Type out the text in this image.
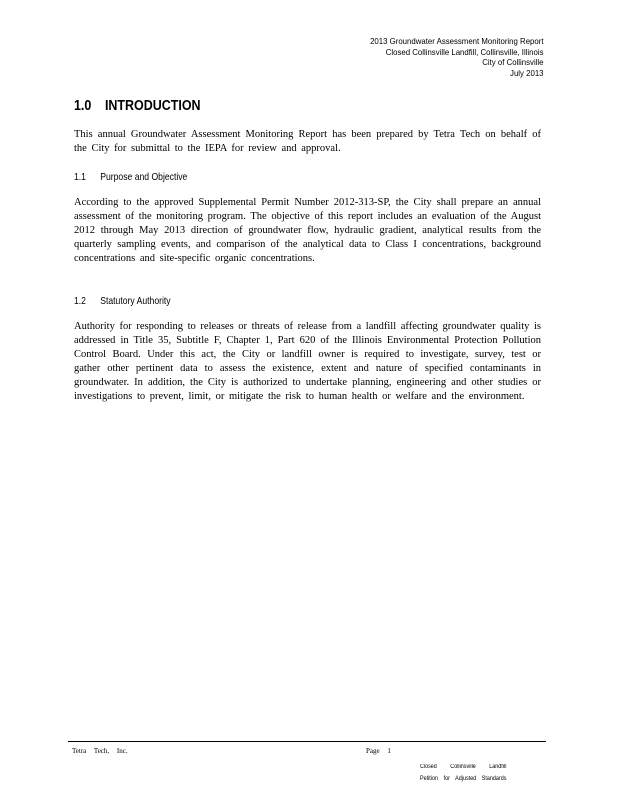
2013 Groundwater Assessment Monitoring Report
Closed Collinsville Landfill, Collinsville, Illinois
City of Collinsville
July 2013
1.0 INTRODUCTION
This annual Groundwater Assessment Monitoring Report has been prepared by Tetra Tech on behalf of the City for submittal to the IEPA for review and approval.
1.1 Purpose and Objective
According to the approved Supplemental Permit Number 2012-313-SP, the City shall prepare an annual assessment of the monitoring program. The objective of this report includes an evaluation of the August 2012 through May 2013 direction of groundwater flow, hydraulic gradient, analytical results from the quarterly sampling events, and comparison of the analytical data to Class I concentrations, background concentrations and site-specific organic concentrations.
1.2 Statutory Authority
Authority for responding to releases or threats of release from a landfill affecting groundwater quality is addressed in Title 35, Subtitle F, Chapter 1, Part 620 of the Illinois Environmental Protection Pollution Control Board. Under this act, the City or landfill owner is required to investigate, survey, test or gather other pertinent data to assess the existence, extent and nature of specified contaminants in groundwater. In addition, the City is authorized to undertake planning, engineering and other studies or investigations to prevent, limit, or mitigate the risk to human health or welfare and the environment.
Tetra Tech, Inc.	Page 1
Closed Collinsville Landfill
Petition for Adjusted Standards
